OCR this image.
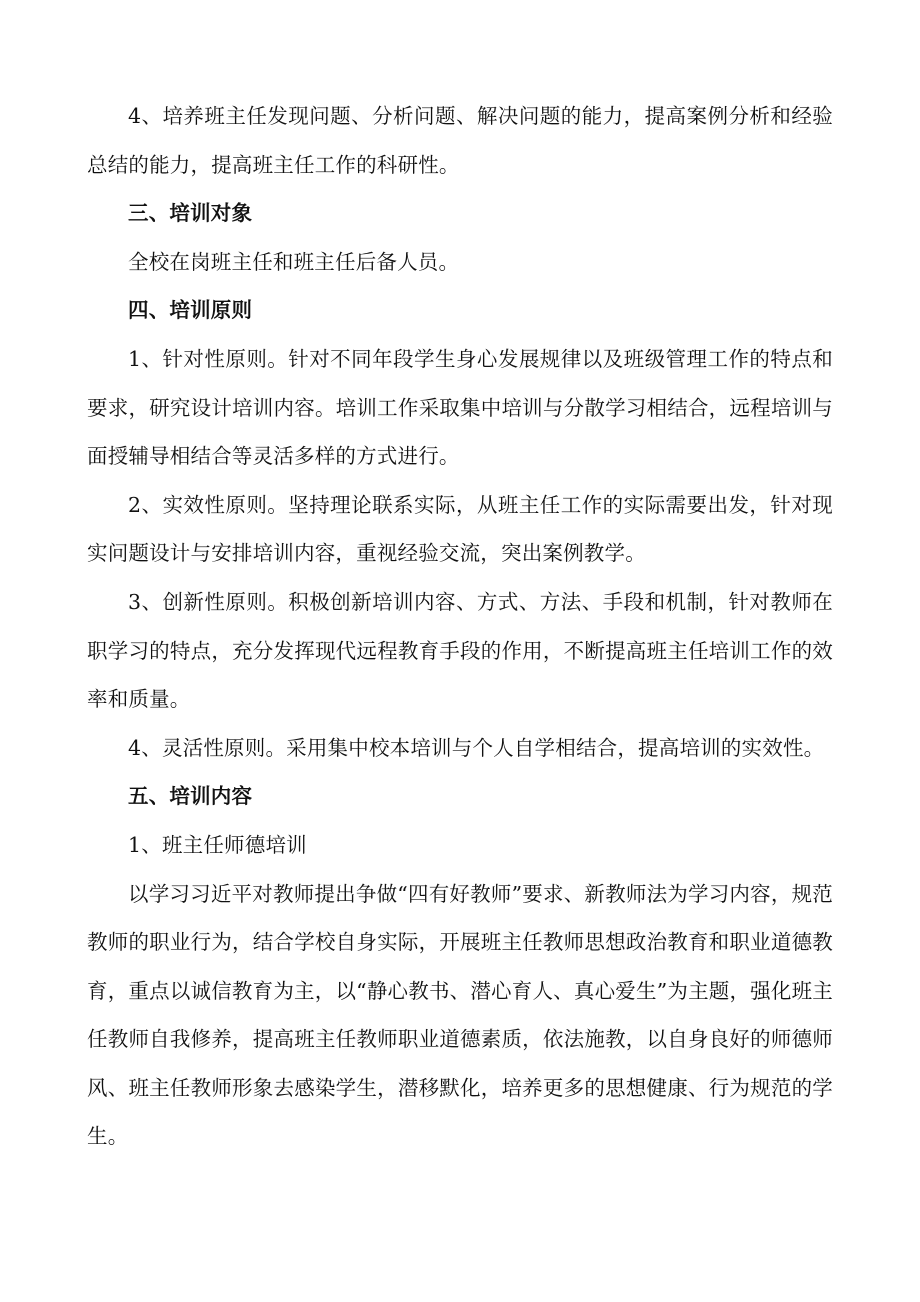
4、培养班主任发现问题、分析问题、解决问题的能力，提高案例分析和经验总结的能力，提高班主任工作的科研性。

三、培训对象

全校在岗班主任和班主任后备人员。

四、培训原则

1、针对性原则。针对不同年段学生身心发展规律以及班级管理工作的特点和要求，研究设计培训内容。培训工作采取集中培训与分散学习相结合，远程培训与面授辅导相结合等灵活多样的方式进行。

2、实效性原则。坚持理论联系实际，从班主任工作的实际需要出发，针对现实问题设计与安排培训内容，重视经验交流，突出案例教学。

3、创新性原则。积极创新培训内容、方式、方法、手段和机制，针对教师在职学习的特点，充分发挥现代远程教育手段的作用，不断提高班主任培训工作的效率和质量。

4、灵活性原则。采用集中校本培训与个人自学相结合，提高培训的实效性。

五、培训内容

1、班主任师德培训

以学习习近平对教师提出争做“四有好教师”要求、新教师法为学习内容，规范教师的职业行为，结合学校自身实际，开展班主任教师思想政治教育和职业道德教育，重点以诚信教育为主，以“静心教书、潜心育人、真心爱生”为主题，强化班主任教师自我修养，提高班主任教师职业道德素质，依法施教，以自身良好的师德师风、班主任教师形象去感染学生，潜移默化，培养更多的思想健康、行为规范的学生。
